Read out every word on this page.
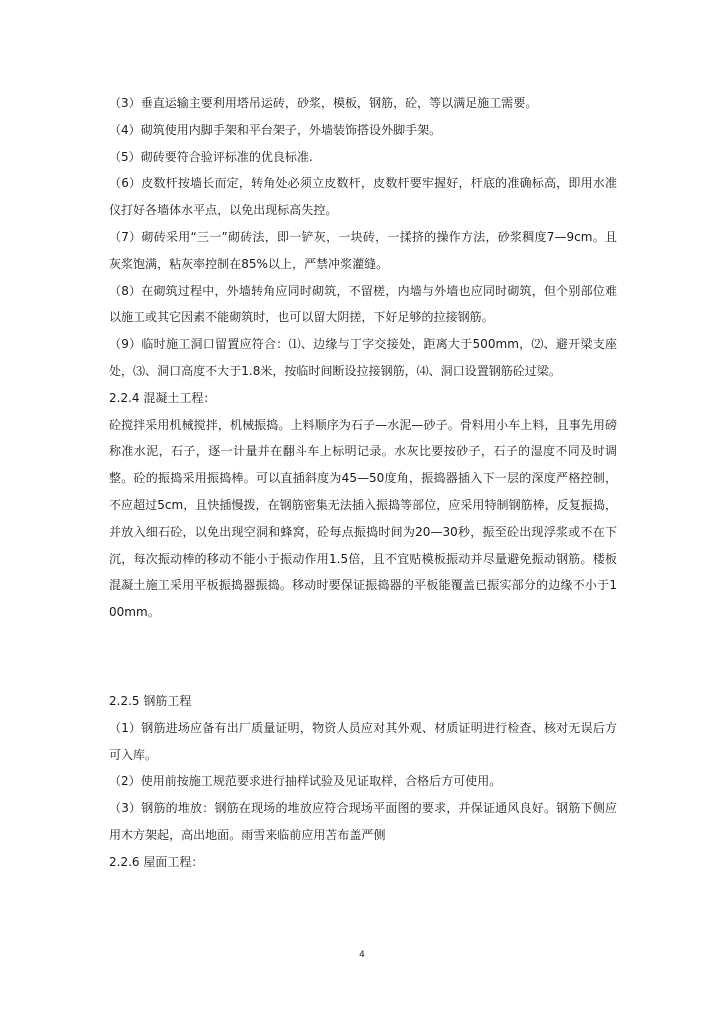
（3）垂直运输主要利用塔吊运砖，砂浆，模板，钢筋，砼，等以满足施工需要。

（4）砌筑使用内脚手架和平台架子，外墙装饰搭设外脚手架。

（5）砌砖要符合验评标准的优良标准.

（6）皮数杆按墙长而定，转角处必须立皮数杆，皮数杆要牢握好，杆底的准确标高，即用水准仪打好各墙体水平点，以免出现标高失控。

（7）砌砖采用“三一”砌砖法，即一铲灰，一块砖，一揉挤的操作方法，砂浆稠度7—9cm。且灰浆饱满，粘灰率控制在85%以上，严禁冲浆灌缝。

（8）在砌筑过程中，外墙转角应同时砌筑，不留槎，内墙与外墙也应同时砌筑，但个别部位难以施工或其它因素不能砌筑时，也可以留大阴搓，下好足够的拉接钢筋。

（9）临时施工洞口留置应符合：⑴、边缘与丁字交接处，距离大于500mm，⑵、避开梁支座处，⑶、洞口高度不大于1.8米，按临时间断设拉接钢筋，⑷、洞口设置钢筋砼过梁。

2.2.4 混凝土工程：

砼搅拌采用机械搅拌，机械振捣。上料顺序为石子—水泥—砂子。骨料用小车上料，且事先用磅称准水泥，石子，逐一计量并在翻斗车上标明记录。水灰比要按砂子，石子的湿度不同及时调整。砼的振捣采用振捣棒。可以直插斜度为45—50度角，振捣器插入下一层的深度严格控制，不应超过5cm，且快插慢拨，在钢筋密集无法插入振捣等部位，应采用特制钢筋棒，反复振捣，并放入细石砼，以免出现空洞和蜂窝，砼每点振捣时间为20—30秒，振至砼出现浮浆或不在下沉，每次振动棒的移动不能小于振动作用1.5倍，且不宜贴模板振动并尽量避免振动钢筋。楼板混凝土施工采用平板振捣器振捣。移动时要保证振捣器的平板能覆盖已振实部分的边缘不小于100mm。

2.2.5 钢筋工程

（1）钢筋进场应备有出厂质量证明，物资人员应对其外观、材质证明进行检查、核对无误后方可入库。

（2）使用前按施工规范要求进行抽样试验及见证取样，合格后方可使用。

（3）钢筋的堆放：钢筋在现场的堆放应符合现场平面图的要求，并保证通风良好。钢筋下侧应用木方架起，高出地面。雨雪来临前应用苫布盖严侧

2.2.6 屋面工程：

4
